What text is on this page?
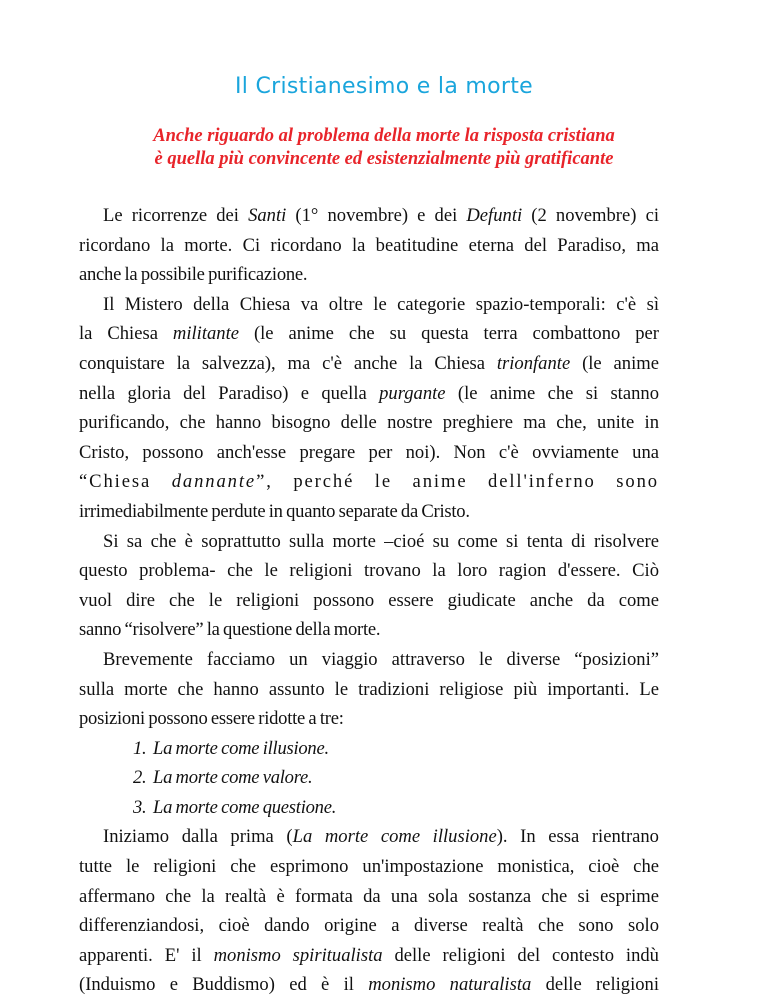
Il Cristianesimo e la morte
Anche riguardo al problema della morte la risposta cristiana
è quella più convincente ed esistenzialmente più gratificante
Le ricorrenze dei Santi (1° novembre) e dei Defunti (2 novembre) ci
ricordano la morte. Ci ricordano la beatitudine eterna del Paradiso, ma
anche la possibile purificazione.
Il Mistero della Chiesa va oltre le categorie spazio-temporali: c'è sì
la Chiesa militante (le anime che su questa terra combattono per
conquistare la salvezza), ma c'è anche la Chiesa trionfante (le anime
nella gloria del Paradiso) e quella purgante (le anime che si stanno
purificando, che hanno bisogno delle nostre preghiere ma che, unite in
Cristo, possono anch'esse pregare per noi). Non c'è ovviamente una
“Chiesa dannante”, perché le anime dell'inferno sono
irrimediabilmente perdute in quanto separate da Cristo.
Si sa che è soprattutto sulla morte –cioé su come si tenta di risolvere
questo problema- che le religioni trovano la loro ragion d'essere. Ciò
vuol dire che le religioni possono essere giudicate anche da come
sanno “risolvere” la questione della morte.
Brevemente facciamo un viaggio attraverso le diverse “posizioni”
sulla morte che hanno assunto le tradizioni religiose più importanti. Le
posizioni possono essere ridotte a tre:
1. La morte come illusione.
2. La morte come valore.
3. La morte come questione.
Iniziamo dalla prima (La morte come illusione). In essa rientrano
tutte le religioni che esprimono un'impostazione monistica, cioè che
affermano che la realtà è formata da una sola sostanza che si esprime
differenziandosi, cioè dando origine a diverse realtà che sono solo
apparenti. E' il monismo spiritualista delle religioni del contesto indù
(Induismo e Buddismo) ed è il monismo naturalista delle religioni
